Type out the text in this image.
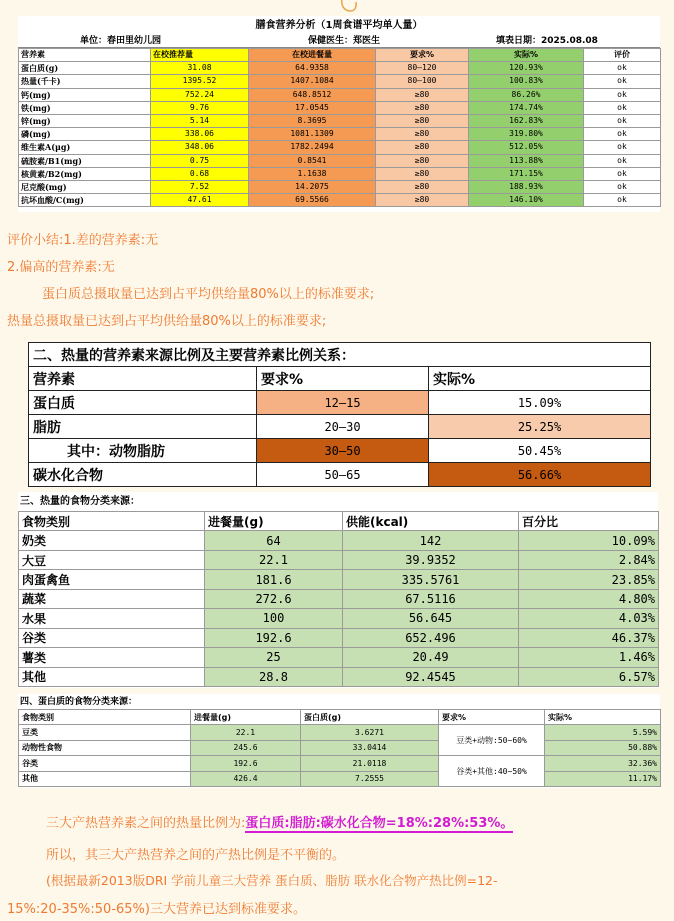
膳食营养分析（1周食谱平均单人量）
单位：春田里幼儿园	保健医生：郑医生	填表日期：2025.08.08
营养素	在校推荐量	在校进餐量	要求%	实际%	评价
蛋白质(g)	31.08	64.9358	80—120	120.93%	ok
热量(千卡)	1395.52	1407.1084	80—100	100.83%	ok
钙(mg)	752.24	648.8512	≥80	86.26%	ok
铁(mg)	9.76	17.0545	≥80	174.74%	ok
锌(mg)	5.14	8.3695	≥80	162.83%	ok
磷(mg)	338.06	1081.1309	≥80	319.80%	ok
维生素A(μg)	348.06	1782.2494	≥80	512.05%	ok
硫胺素/B1(mg)	0.75	0.8541	≥80	113.88%	ok
核黄素/B2(mg)	0.68	1.1638	≥80	171.15%	ok
尼克酸(mg)	7.52	14.2075	≥80	188.93%	ok
抗坏血酸/C(mg)	47.61	69.5566	≥80	146.10%	ok
评价小结:1.差的营养素:无
2.偏高的营养素:无
蛋白质总摄取量已达到占平均供给量80%以上的标准要求;
热量总摄取量已达到占平均供给量80%以上的标准要求;
二、热量的营养素来源比例及主要营养素比例关系：		
营养素	要求%	实际%
蛋白质	12—15	15.09%
脂肪	20—30	25.25%
其中：动物脂肪	30—50	50.45%
碳水化合物	50—65	56.66%
三、热量的食物分类来源：
食物类别	进餐量(g)	供能(kcal)	百分比
奶类	64	142	10.09%
大豆	22.1	39.9352	2.84%
肉蛋禽鱼	181.6	335.5761	23.85%
蔬菜	272.6	67.5116	4.80%
水果	100	56.645	4.03%
谷类	192.6	652.496	46.37%
薯类	25	20.49	1.46%
其他	28.8	92.4545	6.57%
四、蛋白质的食物分类来源：
食物类别	进餐量(g)	蛋白质(g)	要求%	实际%
豆类	22.1	3.6271	豆类+动物:50~60%	5.59%
动物性食物	245.6	33.0414		50.88%
谷类	192.6	21.0118	谷类+其他:40~50%	32.36%
其他	426.4	7.2555		11.17%
三大产热营养素之间的热量比例为:蛋白质:脂肪:碳水化合物=18%:28%:53%。
所以，其三大产热营养之间的产热比例是不平衡的。
(根据最新2013版DRI 学前儿童三大营养 蛋白质、脂肪 联水化合物产热比例=12-
15%:20-35%:50-65%)三大营养已达到标准要求。
